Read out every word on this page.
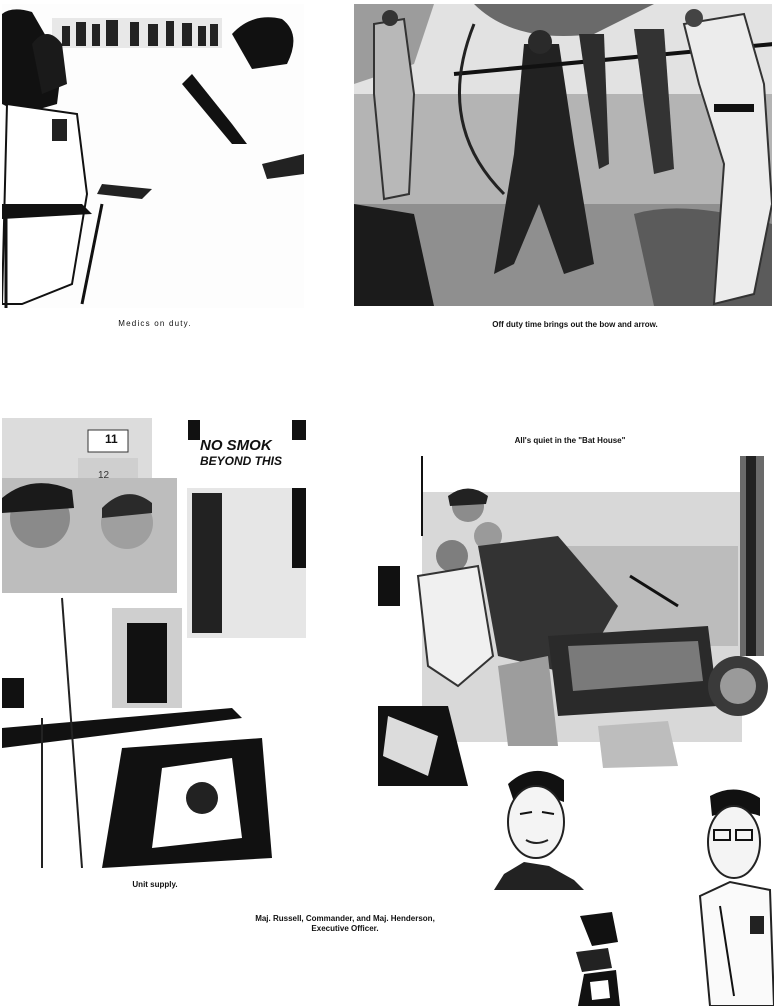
Medics on duty.	Off duty time brings out the bow and arrow.
NO SMOK
BEYOND THIS
11
12
Unit supply.
All's quiet in the "Bat House"
Maj. Russell, Commander, and Maj. Henderson,
Executive Officer.
